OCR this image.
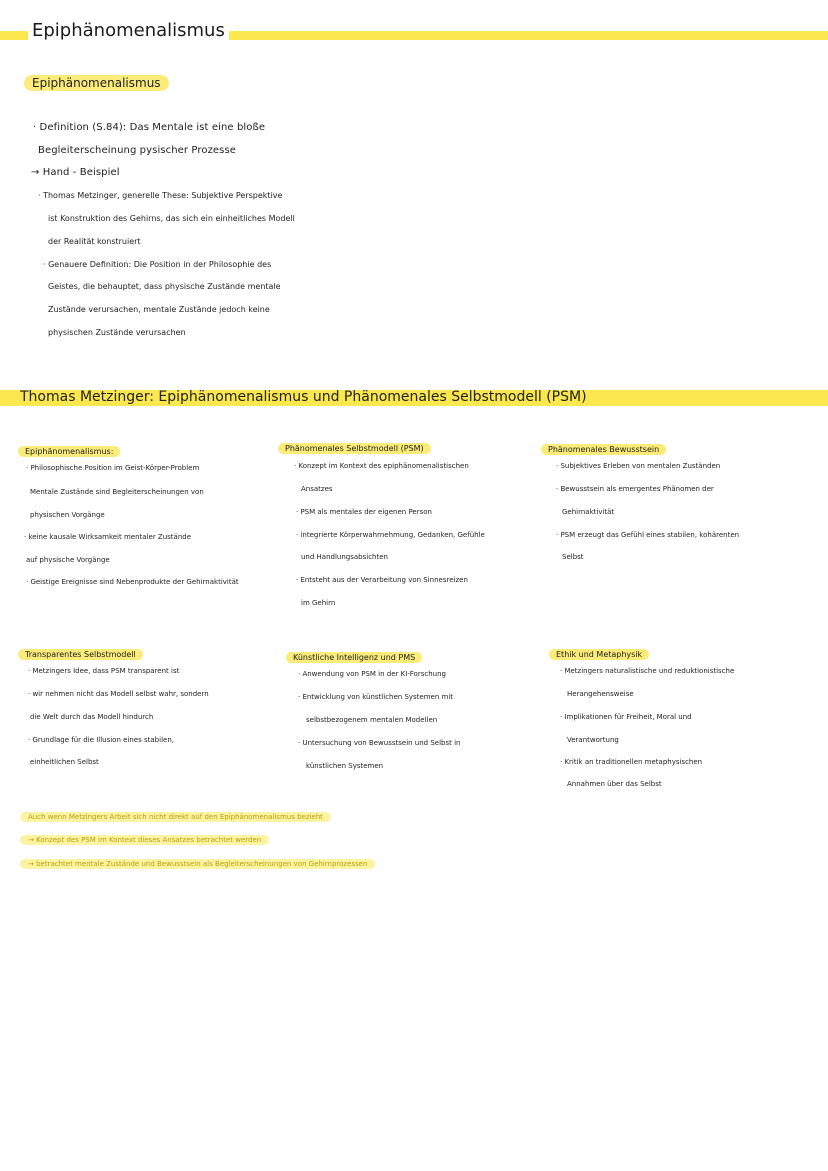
Epiphänomenalismus
Epiphänomenalismus
· Definition (S.84): Das Mentale ist eine bloße
Begleiterscheinung pysischer Prozesse
→ Hand - Beispiel
· Thomas Metzinger, generelle These: Subjektive Perspektive
ist Konstruktion des Gehirns, das sich ein einheitliches Modell
der Realität konstruiert
· Genauere Definition: Die Position in der Philosophie des
Geistes, die behauptet, dass physische Zustände mentale
Zustände verursachen, mentale Zustände jedoch keine
physischen Zustände verursachen
Thomas Metzinger: Epiphänomenalismus und Phänomenales Selbstmodell (PSM)
Epiphänomenalismus:
· Philosophische Position im Geist-Körper-Problem
Mentale Zustände sind Begleiterscheinungen von
physischen Vorgänge
· keine kausale Wirksamkeit mentaler Zustände
auf physische Vorgänge
· Geistige Ereignisse sind Nebenprodukte der Gehirnaktivität
Phänomenales Selbstmodell (PSM)
· Konzept im Kontext des epiphänomenalistischen
Ansatzes
· PSM als mentales der eigenen Person
· integrierte Körperwahrnehmung, Gedanken, Gefühle
und Handlungsabsichten
· Entsteht aus der Verarbeitung von Sinnesreizen
im Gehirn
Phänomenales Bewusstsein
· Subjektives Erleben von mentalen Zuständen
· Bewusstsein als emergentes Phänomen der
Gehirnaktivität
· PSM erzeugt das Gefühl eines stabilen, kohärenten
Selbst
Transparentes Selbstmodell
· Metzingers Idee, dass PSM transparent ist
· wir nehmen nicht das Modell selbst wahr, sondern
die Welt durch das Modell hindurch
· Grundlage für die Illusion eines stabilen,
einheitlichen Selbst
Künstliche Intelligenz und PMS
· Anwendung von PSM in der KI-Forschung
· Entwicklung von künstlichen Systemen mit
selbstbezogenem mentalen Modellen
· Untersuchung von Bewusstsein und Selbst in
künstlichen Systemen
Ethik und Metaphysik
· Metzingers naturalistische und reduktionistische
Herangehensweise
· Implikationen für Freiheit, Moral und
Verantwortung
· Kritik an traditionellen metaphysischen
Annahmen über das Selbst
Auch wenn Metzingers Arbeit sich nicht direkt auf den Epiphänomenalismus bezieht
→ Konzept des PSM im Kontext dieses Ansatzes betrachtet werden
→ betrachtet mentale Zustände und Bewusstsein als Begleiterscheinungen von Gehirnprozessen
